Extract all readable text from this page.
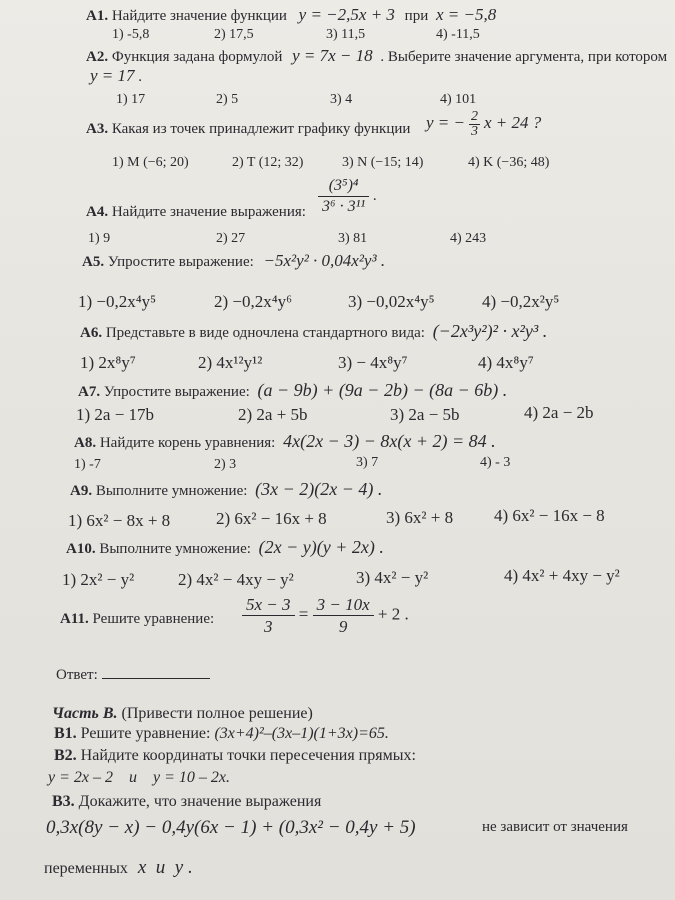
А1. Найдите значение функции y = −2,5x + 3 при x = −5,8
1) -5,8	2) 17,5	3) 11,5	4) -11,5
А2. Функция задана формулой y = 7x − 18 . Выберите значение аргумента, при котором
y = 17 .
1) 17	2) 5	3) 4	4) 101
А3. Какая из точек принадлежит графику функции y = − $\frac{2}{3}$ x + 24 ?
1) M (−6; 20)	2) T (12; 32)	3) N (−15; 14)	4) K (−36; 48)
А4. Найдите значение выражения: $\frac{\text{(3⁵)⁴}}{\text{3⁶ · 3¹¹}}$ .
1) 9	2) 27	3) 81	4) 243
А5. Упростите выражение: −5x²y² · 0,04x²y³ .
1) −0,2x⁴y⁵	2) −0,2x⁴y⁶	3) −0,02x⁴y⁵	4) −0,2x²y⁵
А6. Представьте в виде одночлена стандартного вида: (−2x³y²)² · x²y³ .
1) 2x⁸y⁷	2) 4x¹²y¹²	3) − 4x⁸y⁷	4) 4x⁸y⁷
А7. Упростите выражение: (a − 9b) + (9a − 2b) − (8a − 6b) .
1) 2a − 17b	2) 2a + 5b	3) 2a − 5b	4) 2a − 2b
А8. Найдите корень уравнения: 4x(2x − 3) − 8x(x + 2) = 84 .
1) -7	2) 3	3) 7	4) - 3
А9. Выполните умножение: (3x − 2)(2x − 4) .
1) 6x² − 8x + 8	2) 6x² − 16x + 8	3) 6x² + 8 4) 6x² − 16x − 8
А10. Выполните умножение: (2x − y)(y + 2x) .
1) 2x² − y²	2) 4x² − 4xy − y²	3) 4x² − y²	4) 4x² + 4xy − y²
А11. Решите уравнение: $\frac{5x - 3}{3} = \frac{3 - 10x}{9} + 2$ .
Ответ:
Часть В. (Привести полное решение)
В1. Решите уравнение: (3x+4)²–(3x–1)(1+3x)=65.
В2. Найдите координаты точки пересечения прямых:
y = 2x – 2    и    y = 10 – 2x.
В3. Докажите, что значение выражения
0,3x(8y − x) − 0,4y(6x − 1) + (0,3x² − 0,4y + 5)	не зависит от значения
переменных x  и  y .
